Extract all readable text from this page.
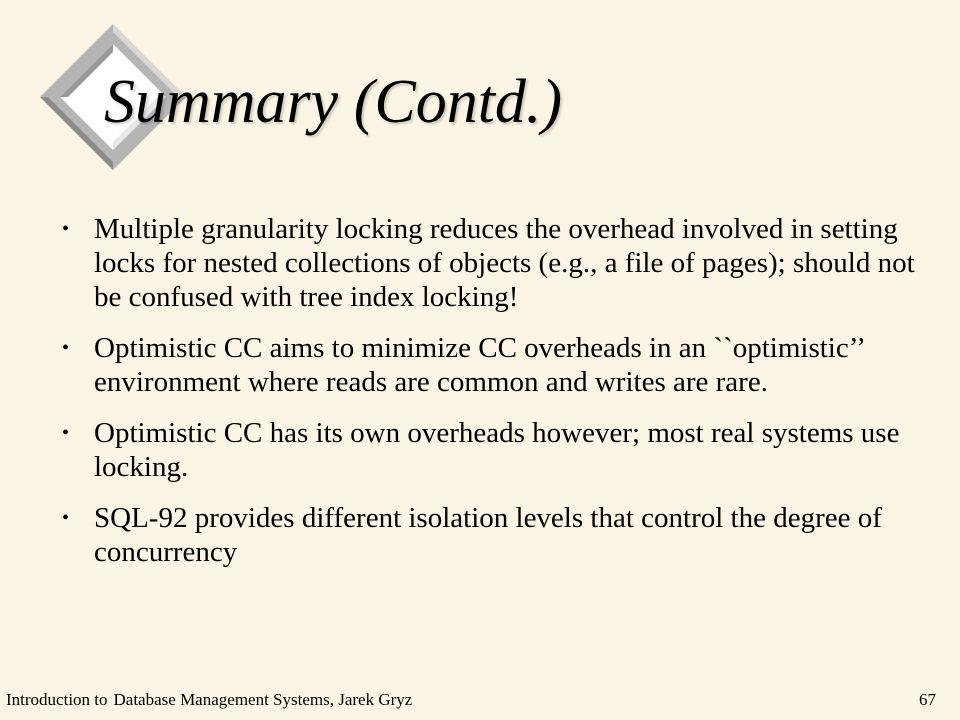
Summary (Contd.)
• Multiple granularity locking reduces the overhead involved in setting locks for nested collections of objects (e.g., a file of pages); should not be confused with tree index locking!
• Optimistic CC aims to minimize CC overheads in an ``optimistic’’ environment where reads are common and writes are rare.
• Optimistic CC has its own overheads however; most real systems use locking.
• SQL-92 provides different isolation levels that control the degree of concurrency
Introduction to Database Management Systems, Jarek Gryz	67
